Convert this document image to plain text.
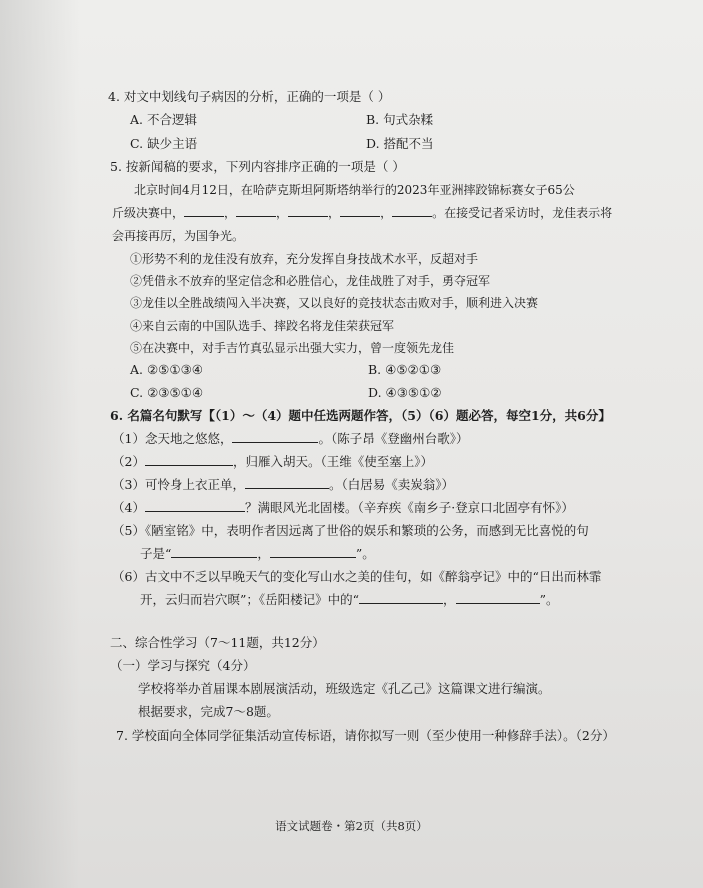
4. 对文中划线句子病因的分析，正确的一项是（ ）
A. 不合逻辑	B. 句式杂糅
C. 缺少主语	D. 搭配不当
5. 按新闻稿的要求，下列内容排序正确的一项是（ ）
北京时间4月12日，在哈萨克斯坦阿斯塔纳举行的2023年亚洲摔跤锦标赛女子65公
斤级决赛中，	，	，	，	，	。在接受记者采访时，龙佳表示将
会再接再厉，为国争光。
①形势不利的龙佳没有放弃，充分发挥自身技战术水平，反超对手
②凭借永不放弃的坚定信念和必胜信心，龙佳战胜了对手，勇夺冠军
③龙佳以全胜战绩闯入半决赛，又以良好的竞技状态击败对手，顺利进入决赛
④来自云南的中国队选手、摔跤名将龙佳荣获冠军
⑤在决赛中，对手吉竹真弘显示出强大实力，曾一度领先龙佳
A. ②⑤①③④	B. ④⑤②①③
C. ②③⑤①④	D. ④③⑤①②
6. 名篇名句默写【（1）～（4）题中任选两题作答，（5）（6）题必答，每空1分，共6分】
（1）念天地之悠悠，	。（陈子昂《登幽州台歌》）
（2）	，归雁入胡天。（王维《使至塞上》）
（3）可怜身上衣正单，	。（白居易《卖炭翁》）
（4）	？满眼风光北固楼。（辛弃疾《南乡子·登京口北固亭有怀》）
（5）《陋室铭》中，表明作者因远离了世俗的娱乐和繁琐的公务，而感到无比喜悦的句
子是“	，	”。
（6）古文中不乏以早晚天气的变化写山水之美的佳句，如《醉翁亭记》中的“日出而林霏
开，云归而岩穴暝”；《岳阳楼记》中的“	，	”。
二、综合性学习（7～11题，共12分）
（一）学习与探究（4分）
学校将举办首届课本剧展演活动，班级选定《孔乙己》这篇课文进行编演。
根据要求，完成7～8题。
7. 学校面向全体同学征集活动宣传标语，请你拟写一则（至少使用一种修辞手法）。（2分）
语文试题卷・第2页（共8页）
